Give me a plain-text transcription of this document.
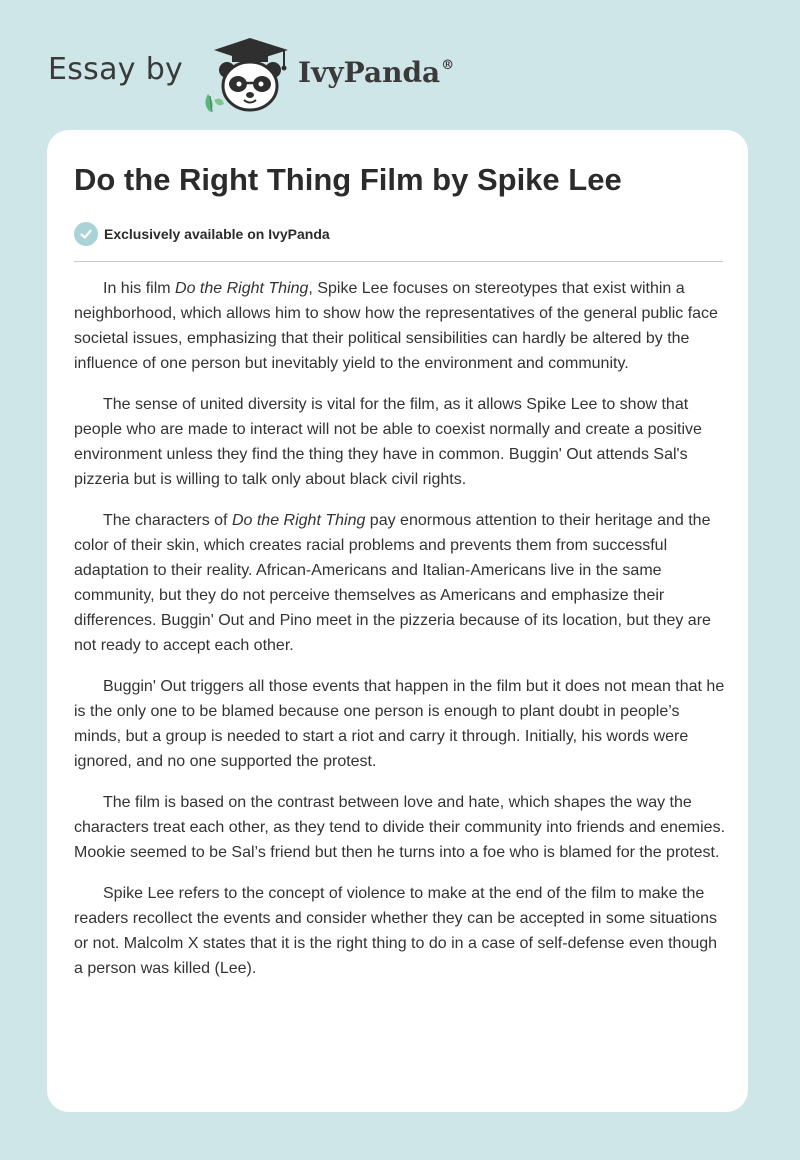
Essay by	IvyPanda®
Do the Right Thing Film by Spike Lee
Exclusively available on IvyPanda

In his film Do the Right Thing, Spike Lee focuses on stereotypes that exist within a neighborhood, which allows him to show how the representatives of the general public face societal issues, emphasizing that their political sensibilities can hardly be altered by the influence of one person but inevitably yield to the environment and community.

The sense of united diversity is vital for the film, as it allows Spike Lee to show that people who are made to interact will not be able to coexist normally and create a positive environment unless they find the thing they have in common. Buggin' Out attends Sal's pizzeria but is willing to talk only about black civil rights.

The characters of Do the Right Thing pay enormous attention to their heritage and the color of their skin, which creates racial problems and prevents them from successful adaptation to their reality. African-Americans and Italian-Americans live in the same community, but they do not perceive themselves as Americans and emphasize their differences. Buggin' Out and Pino meet in the pizzeria because of its location, but they are not ready to accept each other.

Buggin' Out triggers all those events that happen in the film but it does not mean that he is the only one to be blamed because one person is enough to plant doubt in people’s minds, but a group is needed to start a riot and carry it through. Initially, his words were ignored, and no one supported the protest.

The film is based on the contrast between love and hate, which shapes the way the characters treat each other, as they tend to divide their community into friends and enemies. Mookie seemed to be Sal’s friend but then he turns into a foe who is blamed for the protest.

Spike Lee refers to the concept of violence to make at the end of the film to make the readers recollect the events and consider whether they can be accepted in some situations or not. Malcolm X states that it is the right thing to do in a case of self-defense even though a person was killed (Lee).
